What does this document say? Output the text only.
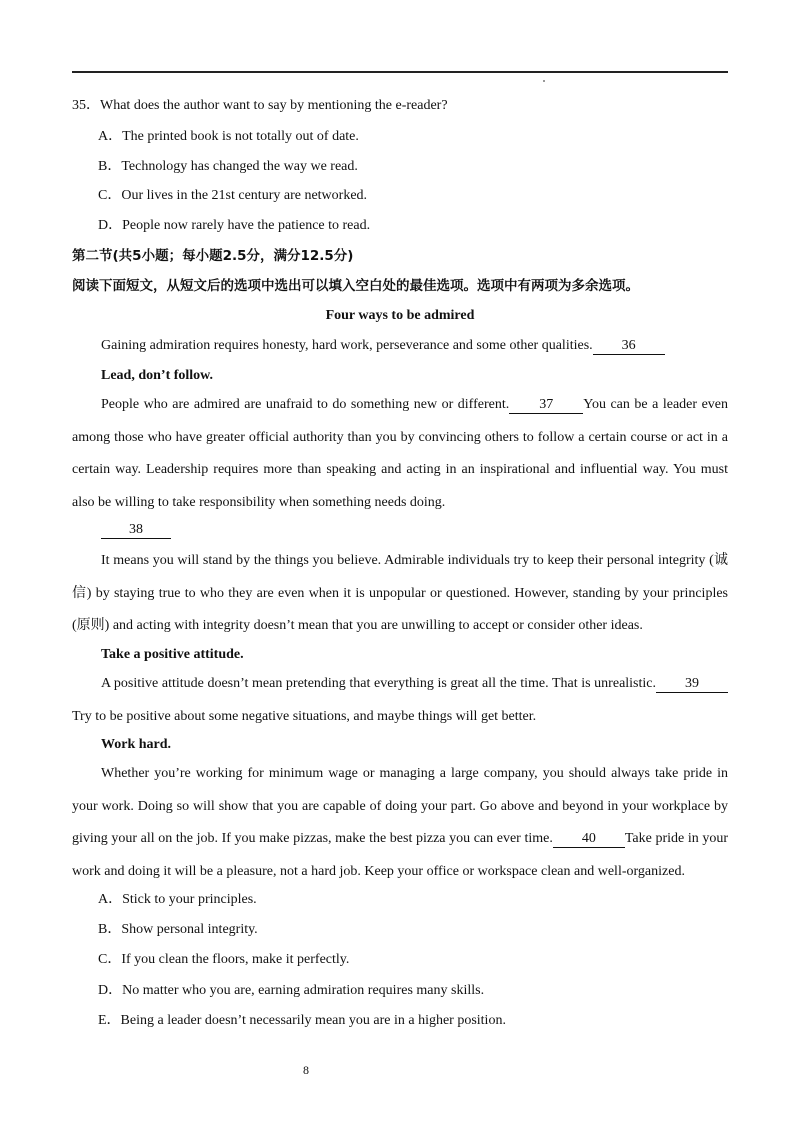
35．What does the author want to say by mentioning the e-reader?
A．The printed book is not totally out of date.
B．Technology has changed the way we read.
C．Our lives in the 21st century are networked.
D．People now rarely have the patience to read.
第二节(共5小题；每小题2.5分，满分12.5分)
阅读下面短文，从短文后的选项中选出可以填入空白处的最佳选项。选项中有两项为多余选项。
Four ways to be admired
Gaining admiration requires honesty, hard work, perseverance and some other qualities. 36
Lead, don’t follow.
People who are admired are unafraid to do something new or different. 37 You can be a leader even among those who have greater official authority than you by convincing others to follow a certain course or act in a certain way. Leadership requires more than speaking and acting in an inspirational and influential way. You must also be willing to take responsibility when something needs doing.
38
It means you will stand by the things you believe. Admirable individuals try to keep their personal integrity (诚信) by staying true to who they are even when it is unpopular or questioned. However, standing by your principles (原则) and acting with integrity doesn’t mean that you are unwilling to accept or consider other ideas.
Take a positive attitude.
A positive attitude doesn’t mean pretending that everything is great all the time. That is unrealistic. 39Try to be positive about some negative situations, and maybe things will get better.
Work hard.
Whether you’re working for minimum wage or managing a large company, you should always take pride in your work. Doing so will show that you are capable of doing your part. Go above and beyond in your workplace by giving your all on the job. If you make pizzas, make the best pizza you can ever time. 40 Take pride in your work and doing it will be a pleasure, not a hard job. Keep your office or workspace clean and well-organized.
A．Stick to your principles.
B．Show personal integrity.
C．If you clean the floors, make it perfectly.
D．No matter who you are, earning admiration requires many skills.
E．Being a leader doesn’t necessarily mean you are in a higher position.
8
